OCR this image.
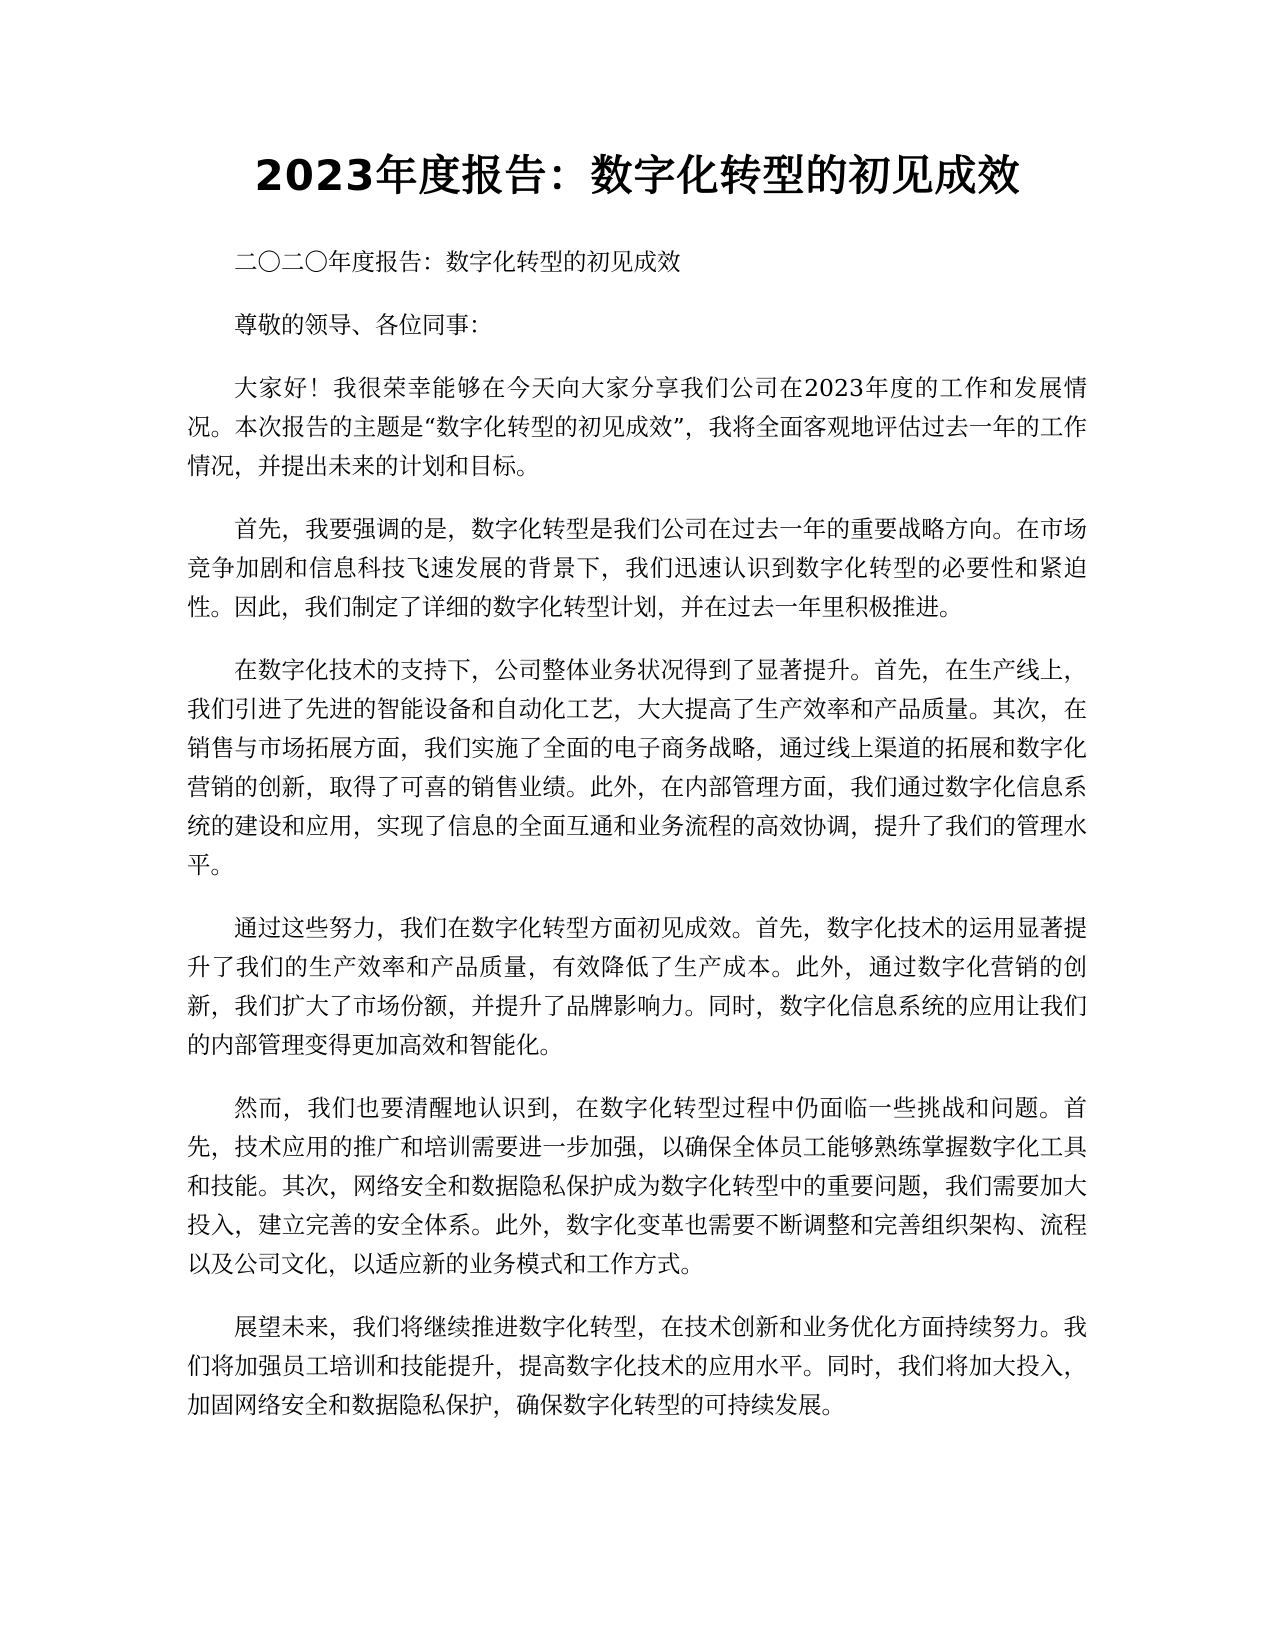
2023年度报告：数字化转型的初见成效

二〇二〇年度报告：数字化转型的初见成效

尊敬的领导、各位同事：

大家好！我很荣幸能够在今天向大家分享我们公司在2023年度的工作和发展情况。本次报告的主题是“数字化转型的初见成效”，我将全面客观地评估过去一年的工作情况，并提出未来的计划和目标。

首先，我要强调的是，数字化转型是我们公司在过去一年的重要战略方向。在市场竞争加剧和信息科技飞速发展的背景下，我们迅速认识到数字化转型的必要性和紧迫性。因此，我们制定了详细的数字化转型计划，并在过去一年里积极推进。

在数字化技术的支持下，公司整体业务状况得到了显著提升。首先，在生产线上，我们引进了先进的智能设备和自动化工艺，大大提高了生产效率和产品质量。其次，在销售与市场拓展方面，我们实施了全面的电子商务战略，通过线上渠道的拓展和数字化营销的创新，取得了可喜的销售业绩。此外，在内部管理方面，我们通过数字化信息系统的建设和应用，实现了信息的全面互通和业务流程的高效协调，提升了我们的管理水平。

通过这些努力，我们在数字化转型方面初见成效。首先，数字化技术的运用显著提升了我们的生产效率和产品质量，有效降低了生产成本。此外，通过数字化营销的创新，我们扩大了市场份额，并提升了品牌影响力。同时，数字化信息系统的应用让我们的内部管理变得更加高效和智能化。

然而，我们也要清醒地认识到，在数字化转型过程中仍面临一些挑战和问题。首先，技术应用的推广和培训需要进一步加强，以确保全体员工能够熟练掌握数字化工具和技能。其次，网络安全和数据隐私保护成为数字化转型中的重要问题，我们需要加大投入，建立完善的安全体系。此外，数字化变革也需要不断调整和完善组织架构、流程以及公司文化，以适应新的业务模式和工作方式。

展望未来，我们将继续推进数字化转型，在技术创新和业务优化方面持续努力。我们将加强员工培训和技能提升，提高数字化技术的应用水平。同时，我们将加大投入，加固网络安全和数据隐私保护，确保数字化转型的可持续发展。
